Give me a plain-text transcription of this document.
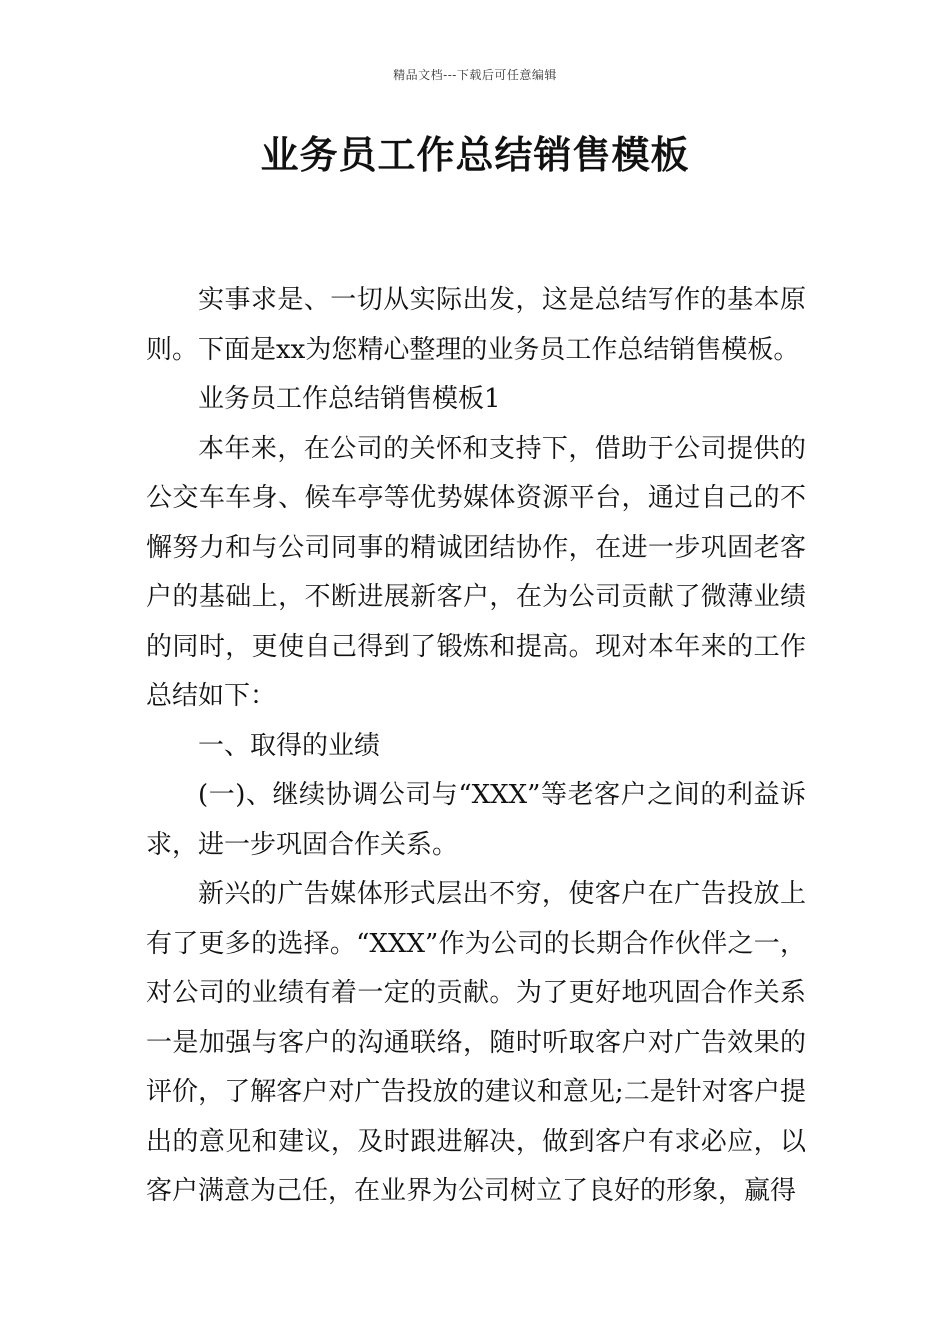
精品文档---下载后可任意编辑
业务员工作总结销售模板

实事求是、一切从实际出发，这是总结写作的基本原则。下面是xx为您精心整理的业务员工作总结销售模板。

业务员工作总结销售模板1

本年来，在公司的关怀和支持下，借助于公司提供的公交车车身、候车亭等优势媒体资源平台，通过自己的不懈努力和与公司同事的精诚团结协作，在进一步巩固老客户的基础上，不断进展新客户，在为公司贡献了微薄业绩的同时，更使自己得到了锻炼和提高。现对本年来的工作总结如下：

一、取得的业绩

(一)、继续协调公司与“XXX”等老客户之间的利益诉求，进一步巩固合作关系。

新兴的广告媒体形式层出不穷，使客户在广告投放上有了更多的选择。“XXX”作为公司的长期合作伙伴之一，对公司的业绩有着一定的贡献。为了更好地巩固合作关系一是加强与客户的沟通联络，随时听取客户对广告效果的评价，了解客户对广告投放的建议和意见;二是针对客户提出的意见和建议，及时跟进解决，做到客户有求必应，以客户满意为己任，在业界为公司树立了良好的形象，赢得
